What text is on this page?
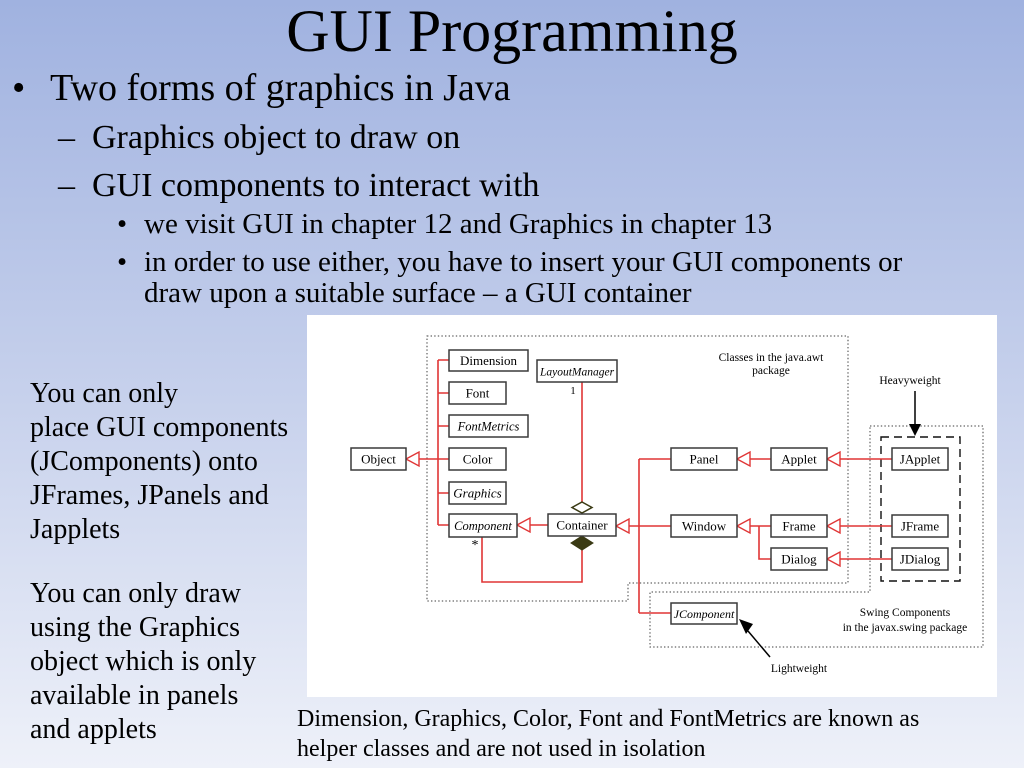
GUI Programming
• Two forms of graphics in Java
– Graphics object to draw on
– GUI components to interact with
• we visit GUI in chapter 12 and Graphics in chapter 13
• in order to use either, you have to insert your GUI components or
draw upon a suitable surface – a GUI container
You can only
place GUI components
(JComponents) onto
JFrames, JPanels and
Japplets
You can only draw
using the Graphics
object which is only
available in panels
and applets	Dimension, Graphics, Color, Font and FontMetrics are known as
helper classes and are not used in isolation
1
*
Heavyweight
Lightweight
Classes in the java.awt
package
Swing Components
in the javax.swing package
Object
Dimension
Font
FontMetrics
Color
Graphics
Component
LayoutManager
Container
Panel	Applet	JApplet
Window	Frame	JFrame
Dialog	JDialog
JComponent
